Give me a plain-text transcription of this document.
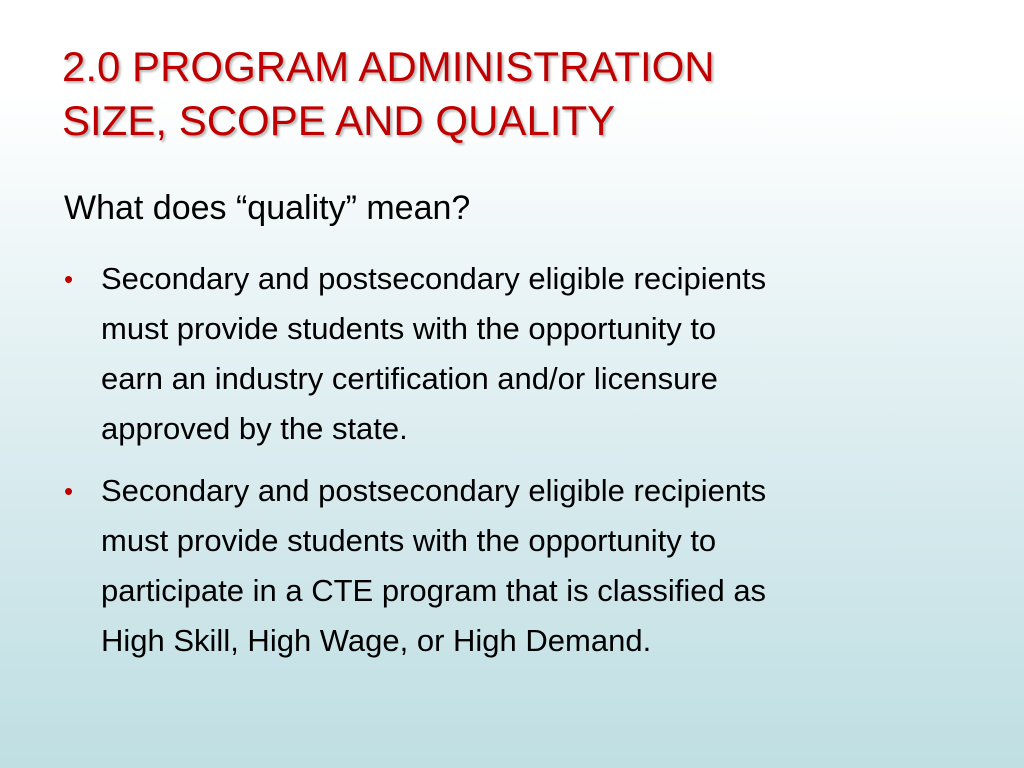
2.0 PROGRAM ADMINISTRATION
SIZE, SCOPE AND QUALITY

What does “quality” mean?

• Secondary and postsecondary eligible recipients
must provide students with the opportunity to
earn an industry certification and/or licensure
approved by the state.
• Secondary and postsecondary eligible recipients
must provide students with the opportunity to
participate in a CTE program that is classified as
High Skill, High Wage, or High Demand.
